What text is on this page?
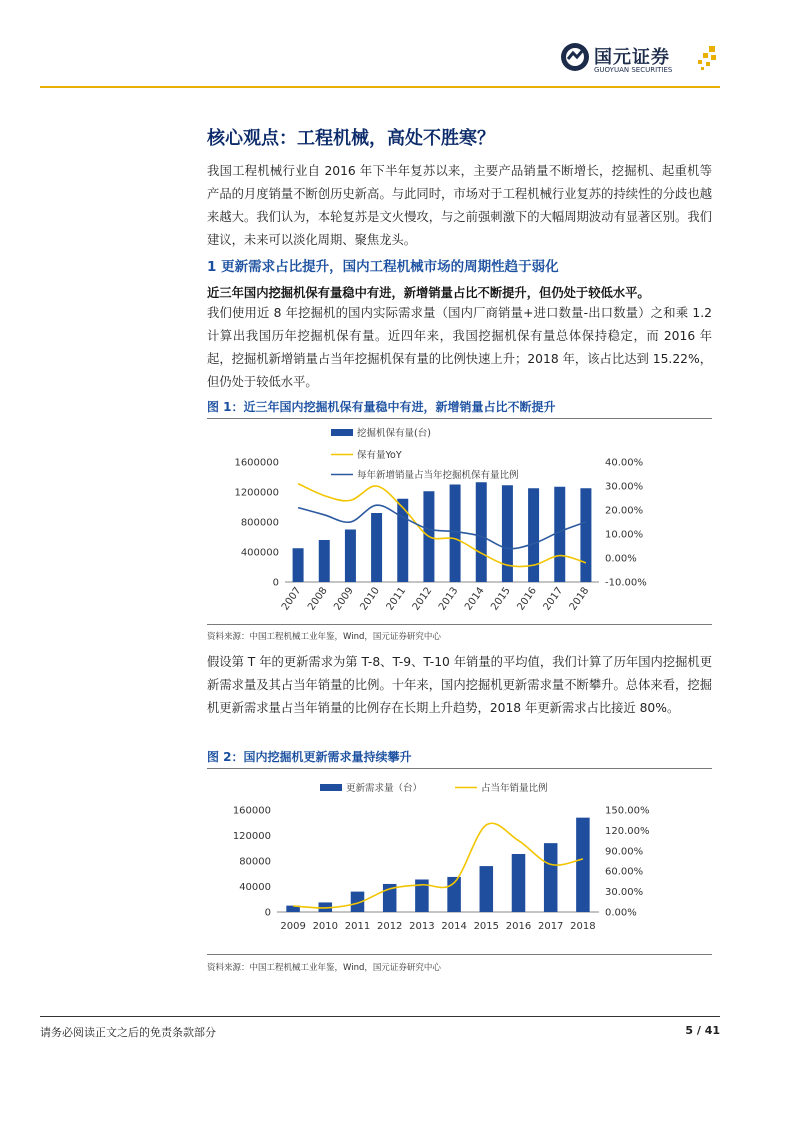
国元证券
GUOYUAN SECURITIES
核心观点：工程机械，高处不胜寒？
我国工程机械行业自 2016 年下半年复苏以来，主要产品销量不断增长，挖掘机、起重机等产品的月度销量不断创历史新高。与此同时，市场对于工程机械行业复苏的持续性的分歧也越来越大。我们认为，本轮复苏是文火慢攻，与之前强刺激下的大幅周期波动有显著区别。我们建议，未来可以淡化周期、聚焦龙头。
1 更新需求占比提升，国内工程机械市场的周期性趋于弱化
近三年国内挖掘机保有量稳中有进，新增销量占比不断提升，但仍处于较低水平。
我们使用近 8 年挖掘机的国内实际需求量（国内厂商销量+进口数量-出口数量）之和乘 1.2 计算出我国历年挖掘机保有量。近四年来，我国挖掘机保有量总体保持稳定，而 2016 年起，挖掘机新增销量占当年挖掘机保有量的比例快速上升；2018 年，该占比达到 15.22%，但仍处于较低水平。
图 1：近三年国内挖掘机保有量稳中有进，新增销量占比不断提升
0
400000
800000
1200000
1600000
-10.00%
0.00%
10.00%
20.00%
30.00%
40.00%
2007 2008 2009 2010 2011 2012 2013 2014 2015 2016 2017 2018
挖掘机保有量(台)
保有量YoY
每年新增销量占当年挖掘机保有量比例
资料来源：中国工程机械工业年鉴，Wind，国元证券研究中心
假设第 T 年的更新需求为第 T-8、T-9、T-10 年销量的平均值，我们计算了历年国内挖掘机更新需求量及其占当年销量的比例。十年来，国内挖掘机更新需求量不断攀升。总体来看，挖掘机更新需求量占当年销量的比例存在长期上升趋势，2018 年更新需求占比接近 80%。
图 2：国内挖掘机更新需求量持续攀升
0
40000
80000
120000
160000
0.00%
30.00%
60.00%
90.00%
120.00%
150.00%
2009 2010 2011 2012 2013 2014 2015 2016 2017 2018
更新需求量（台）	占当年销量比例
资料来源：中国工程机械工业年鉴，Wind，国元证券研究中心
请务必阅读正文之后的免责条款部分	5 / 41
